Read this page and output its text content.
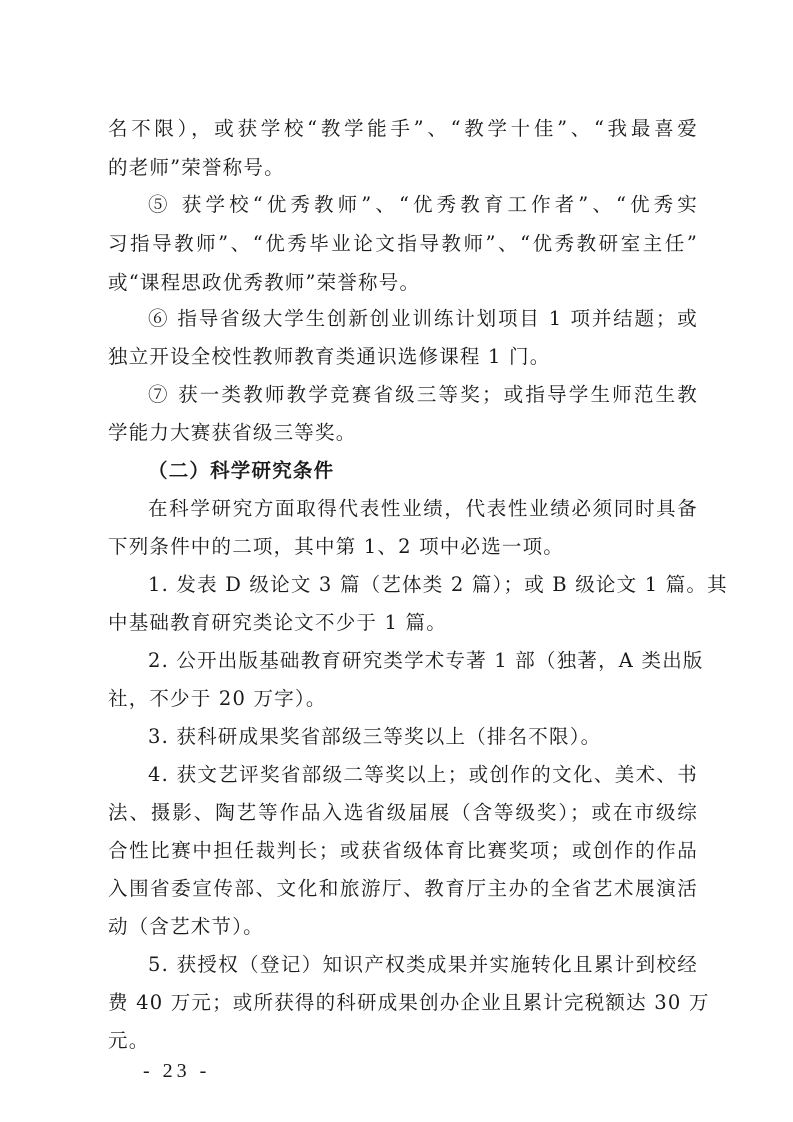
名不限），或获学校“教学能手”、“教学十佳”、“我最喜爱
的老师”荣誉称号。
⑤ 获学校“优秀教师”、“优秀教育工作者”、“优秀实
习指导教师”、“优秀毕业论文指导教师”、“优秀教研室主任”
或“课程思政优秀教师”荣誉称号。
⑥ 指导省级大学生创新创业训练计划项目 1 项并结题；或
独立开设全校性教师教育类通识选修课程 1 门。
⑦ 获一类教师教学竞赛省级三等奖；或指导学生师范生教
学能力大赛获省级三等奖。
（二）科学研究条件
在科学研究方面取得代表性业绩，代表性业绩必须同时具备
下列条件中的二项，其中第 1、2 项中必选一项。
1. 发表 D 级论文 3 篇（艺体类 2 篇）；或 B 级论文 1 篇。其
中基础教育研究类论文不少于 1 篇。
2. 公开出版基础教育研究类学术专著 1 部（独著，A 类出版
社，不少于 20 万字）。
3. 获科研成果奖省部级三等奖以上（排名不限）。
4. 获文艺评奖省部级二等奖以上；或创作的文化、美术、书
法、摄影、陶艺等作品入选省级届展（含等级奖）；或在市级综
合性比赛中担任裁判长；或获省级体育比赛奖项；或创作的作品
入围省委宣传部、文化和旅游厅、教育厅主办的全省艺术展演活
动（含艺术节）。
5. 获授权（登记）知识产权类成果并实施转化且累计到校经
费 40 万元；或所获得的科研成果创办企业且累计完税额达 30 万
元。
- 23 -
